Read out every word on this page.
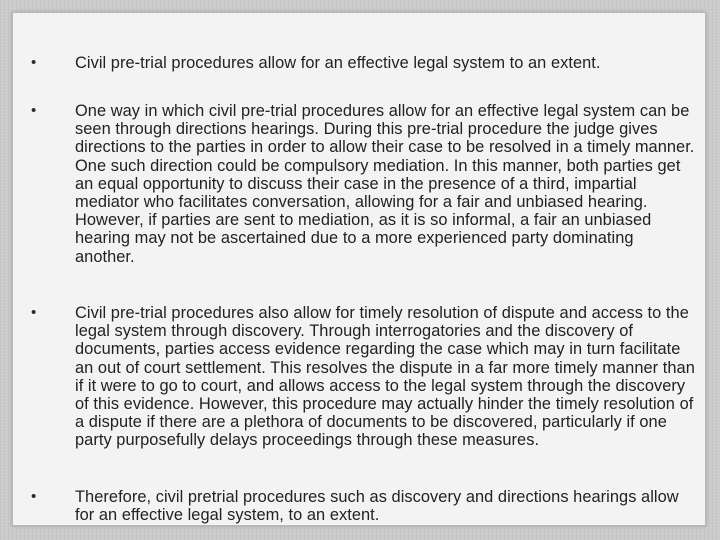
• Civil pre-trial procedures allow for an effective legal system to an extent.

• One way in which civil pre-trial procedures allow for an effective legal system can be seen through directions hearings. During this pre-trial procedure the judge gives directions to the parties in order to allow their case to be resolved in a timely manner. One such direction could be compulsory mediation. In this manner, both parties get an equal opportunity to discuss their case in the presence of a third, impartial mediator who facilitates conversation, allowing for a fair and unbiased hearing. However, if parties are sent to mediation, as it is so informal, a fair an unbiased hearing may not be ascertained due to a more experienced party dominating another.

• Civil pre-trial procedures also allow for timely resolution of dispute and access to the legal system through discovery. Through interrogatories and the discovery of documents, parties access evidence regarding the case which may in turn facilitate an out of court settlement. This resolves the dispute in a far more timely manner than if it were to go to court, and allows access to the legal system through the discovery of this evidence. However, this procedure may actually hinder the timely resolution of a dispute if there are a plethora of documents to be discovered, particularly if one party purposefully delays proceedings through these measures.

• Therefore, civil pretrial procedures such as discovery and directions hearings allow for an effective legal system, to an extent.
